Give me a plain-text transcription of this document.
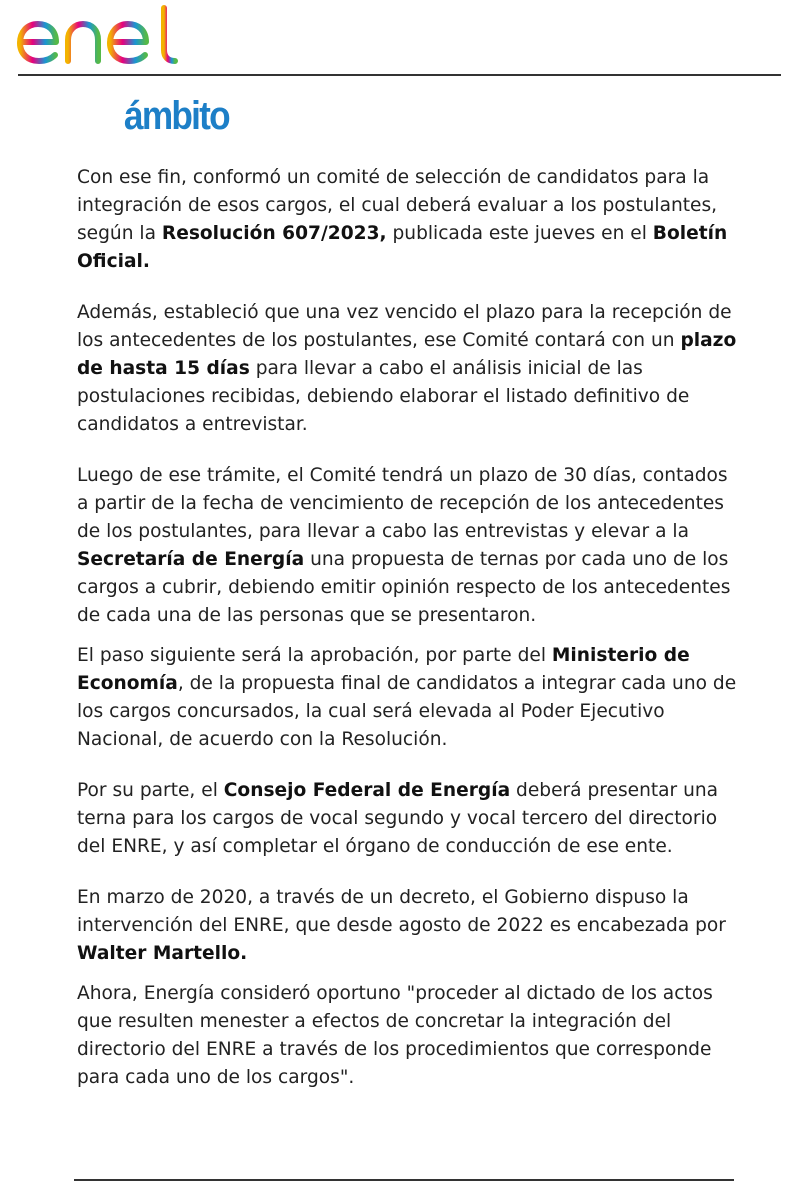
ámbito

Con ese fin, conformó un comité de selección de candidatos para la integración de esos cargos, el cual deberá evaluar a los postulantes, según la Resolución 607/2023, publicada este jueves en el Boletín Oficial.

Además, estableció que una vez vencido el plazo para la recepción de los antecedentes de los postulantes, ese Comité contará con un plazo de hasta 15 días para llevar a cabo el análisis inicial de las postulaciones recibidas, debiendo elaborar el listado definitivo de candidatos a entrevistar.

Luego de ese trámite, el Comité tendrá un plazo de 30 días, contados a partir de la fecha de vencimiento de recepción de los antecedentes de los postulantes, para llevar a cabo las entrevistas y elevar a la Secretaría de Energía una propuesta de ternas por cada uno de los cargos a cubrir, debiendo emitir opinión respecto de los antecedentes de cada una de las personas que se presentaron.

El paso siguiente será la aprobación, por parte del Ministerio de Economía, de la propuesta final de candidatos a integrar cada uno de los cargos concursados, la cual será elevada al Poder Ejecutivo Nacional, de acuerdo con la Resolución.

Por su parte, el Consejo Federal de Energía deberá presentar una terna para los cargos de vocal segundo y vocal tercero del directorio del ENRE, y así completar el órgano de conducción de ese ente.

En marzo de 2020, a través de un decreto, el Gobierno dispuso la intervención del ENRE, que desde agosto de 2022 es encabezada por Walter Martello.

Ahora, Energía consideró oportuno "proceder al dictado de los actos que resulten menester a efectos de concretar la integración del directorio del ENRE a través de los procedimientos que corresponde para cada uno de los cargos".
